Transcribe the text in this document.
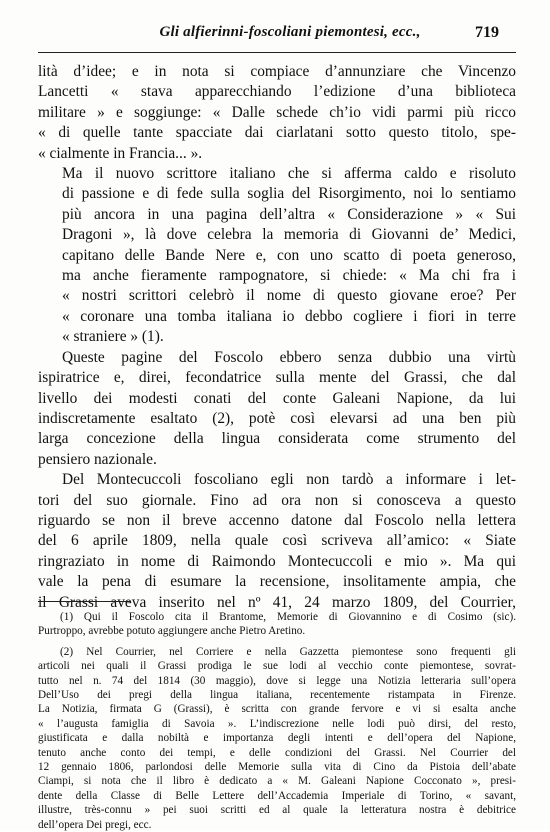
Gli alfierinni-foscoliani piemontesi, ecc.,	719

lità d’idee; e in nota si compiace d’annunziare che Vincenzo
Lancetti « stava apparecchiando l’edizione d’una biblioteca
militare » e soggiunge: « Dalle schede ch’io vidi parmi più ricco
« di quelle tante spacciate dai ciarlatani sotto questo titolo, spe-
« cialmente in Francia... ».

Ma il nuovo scrittore italiano che si afferma caldo e risoluto
di passione e di fede sulla soglia del Risorgimento, noi lo sentiamo
più ancora in una pagina dell’altra « Considerazione » « Sui
Dragoni », là dove celebra la memoria di Giovanni de’ Medici,
capitano delle Bande Nere e, con uno scatto di poeta generoso,
ma anche fieramente rampognatore, si chiede: « Ma chi fra i
« nostri scrittori celebrò il nome di questo giovane eroe? Per
« coronare una tomba italiana io debbo cogliere i fiori in terre
« straniere » (1).

Queste pagine del Foscolo ebbero senza dubbio una virtù
ispiratrice e, direi, fecondatrice sulla mente del Grassi, che dal
livello dei modesti conati del conte Galeani Napione, da lui
indiscretamente esaltato (2), potè così elevarsi ad una ben più
larga concezione della lingua considerata come strumento del
pensiero nazionale.

Del Montecuccoli foscoliano egli non tardò a informare i let-
tori del suo giornale. Fino ad ora non si conosceva a questo
riguardo se non il breve accenno datone dal Foscolo nella lettera
del 6 aprile 1809, nella quale così scriveva all’amico: « Siate
ringraziato in nome di Raimondo Montecuccoli e mio ». Ma qui
vale la pena di esumare la recensione, insolitamente ampia, che
il Grassi aveva inserito nel nº 41, 24 marzo 1809, del Courrier,

(1) Qui il Foscolo cita il Brantome, Memorie di Giovannino e di Cosimo (sic).
Purtroppo, avrebbe potuto aggiungere anche Pietro Aretino.

(2) Nel Courrier, nel Corriere e nella Gazzetta piemontese sono frequenti gli
articoli nei quali il Grassi prodiga le sue lodi al vecchio conte piemontese, sovrat-
tutto nel n. 74 del 1814 (30 maggio), dove si legge una Notizia letteraria sull’opera
Dell’Uso dei pregi della lingua italiana, recentemente ristampata in Firenze.
La Notizia, firmata G (Grassi), è scritta con grande fervore e vi si esalta anche
« l’augusta famiglia di Savoia ». L’indiscrezione nelle lodi può dirsi, del resto,
giustificata e dalla nobiltà e importanza degli intenti e dell’opera del Napione,
tenuto anche conto dei tempi, e delle condizioni del Grassi. Nel Courrier del
12 gennaio 1806, parlondosi delle Memorie sulla vita di Cino da Pistoia dell’abate
Ciampi, si nota che il libro è dedicato a « M. Galeani Napione Cocconato », presi-
dente della Classe di Belle Lettere dell’Accademia Imperiale di Torino, « savant,
illustre, très-connu » pei suoi scritti ed al quale la letteratura nostra è debitrice
dell’opera Dei pregi, ecc.
